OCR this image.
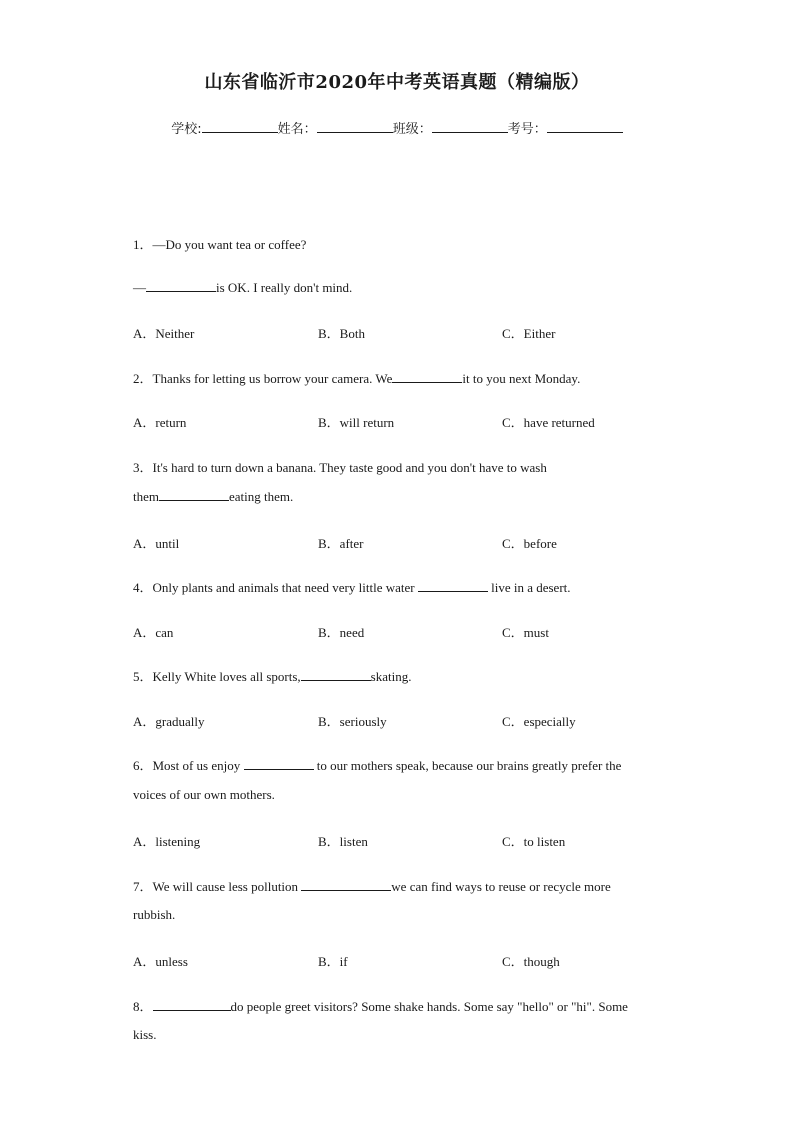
山东省临沂市2020年中考英语真题（精编版）
学校:	姓名：	班级：	考号：
1．—Do you want tea or coffee?
—	is OK. I really don't mind.
A．Neither	B．Both	C．Either
2．Thanks for letting us borrow your camera. We	it to you next Monday.
A．return	B．will return	C．have returned
3．It's hard to turn down a banana. They taste good and you don't have to wash
them	eating them.
A．until	B．after	C．before
4．Only plants and animals that need very little water	live in a desert.
A．can	B．need	C．must
5．Kelly White loves all sports,	skating.
A．gradually	B．seriously	C．especially
6．Most of us enjoy	to our mothers speak, because our brains greatly prefer the
voices of our own mothers.
A．listening	B．listen	C．to listen
7．We will cause less pollution	we can find ways to reuse or recycle more
rubbish.
A．unless	B．if	C．though
8．	do people greet visitors? Some shake hands. Some say "hello" or "hi". Some
kiss.
